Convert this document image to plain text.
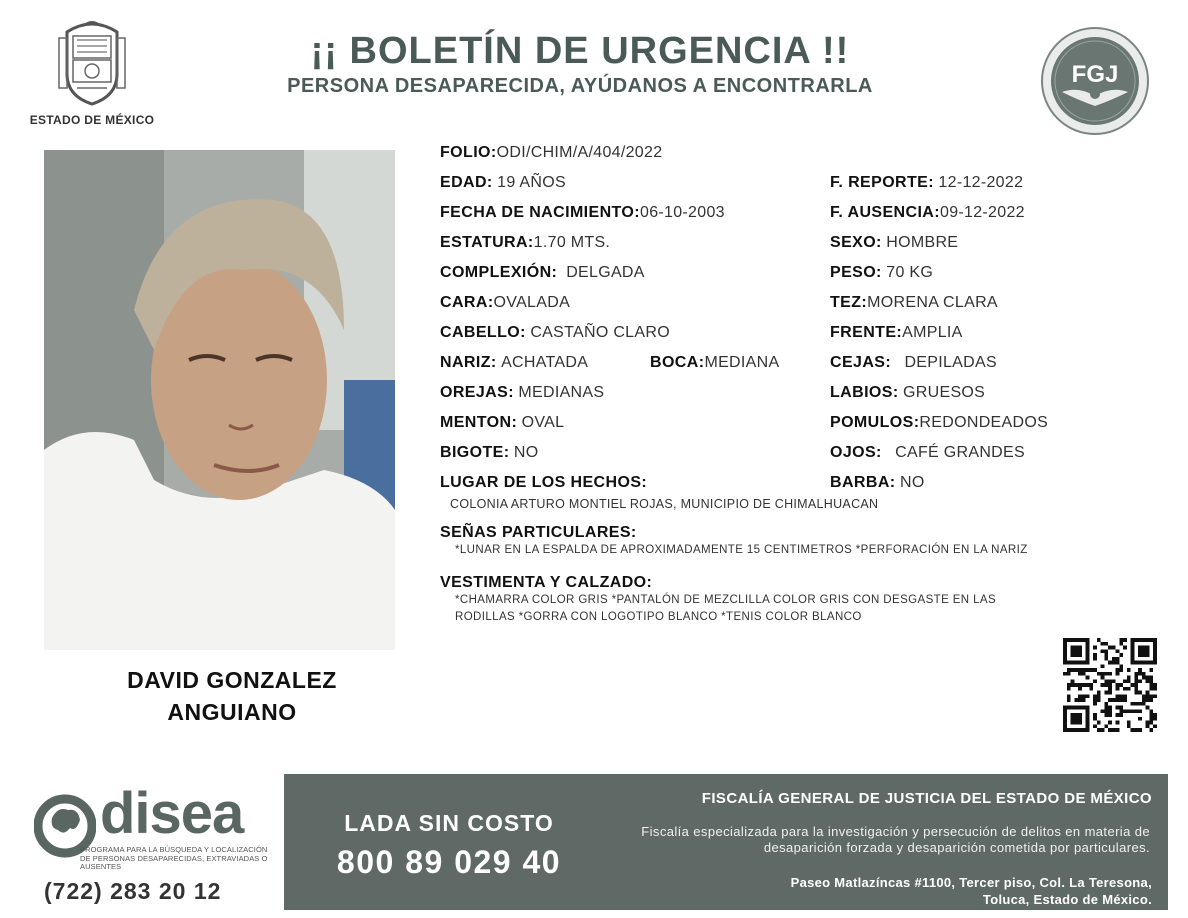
ESTADO DE MÉXICO
¡¡ BOLETÍN DE URGENCIA !!
PERSONA DESAPARECIDA, AYÚDANOS A ENCONTRARLA	FGJ
DAVID GONZALEZ
ANGUIANO
FOLIO:ODI/CHIM/A/404/2022
EDAD: 19 AÑOS	F. REPORTE: 12-12-2022
FECHA DE NACIMIENTO:06-10-2003	F. AUSENCIA:09-12-2022
ESTATURA:1.70 MTS.	SEXO: HOMBRE
COMPLEXIÓN: DELGADA	PESO: 70 KG
CARA:OVALADA	TEZ:MORENA CLARA
CABELLO: CASTAÑO CLARO	FRENTE:AMPLIA
NARIZ: ACHATADA	BOCA:MEDIANA	CEJAS: DEPILADAS
OREJAS: MEDIANAS	LABIOS: GRUESOS
MENTON: OVAL	POMULOS:REDONDEADOS
BIGOTE: NO	OJOS: CAFÉ GRANDES
LUGAR DE LOS HECHOS:	BARBA: NO
COLONIA ARTURO MONTIEL ROJAS, MUNICIPIO DE CHIMALHUACAN
SEÑAS PARTICULARES:
*LUNAR EN LA ESPALDA DE APROXIMADAMENTE 15 CENTIMETROS *PERFORACIÓN EN LA NARIZ
VESTIMENTA Y CALZADO:
*CHAMARRA COLOR GRIS *PANTALÓN DE MEZCLILLA COLOR GRIS CON DESGASTE EN LAS
RODILLAS *GORRA CON LOGOTIPO BLANCO *TENIS COLOR BLANCO
disea
PROGRAMA PARA LA BÚSQUEDA Y LOCALIZACIÓN DE PERSONAS DESAPARECIDAS, EXTRAVIADAS O AUSENTES
(722) 283 20 12
LADA SIN COSTO
800 89 029 40
FISCALÍA GENERAL DE JUSTICIA DEL ESTADO DE MÉXICO
Fiscalía especializada para la investigación y persecución de delitos en materia de desaparición forzada y desaparición cometida por particulares.
Paseo Matlazíncas #1100, Tercer piso, Col. La Teresona,
Toluca, Estado de México.
